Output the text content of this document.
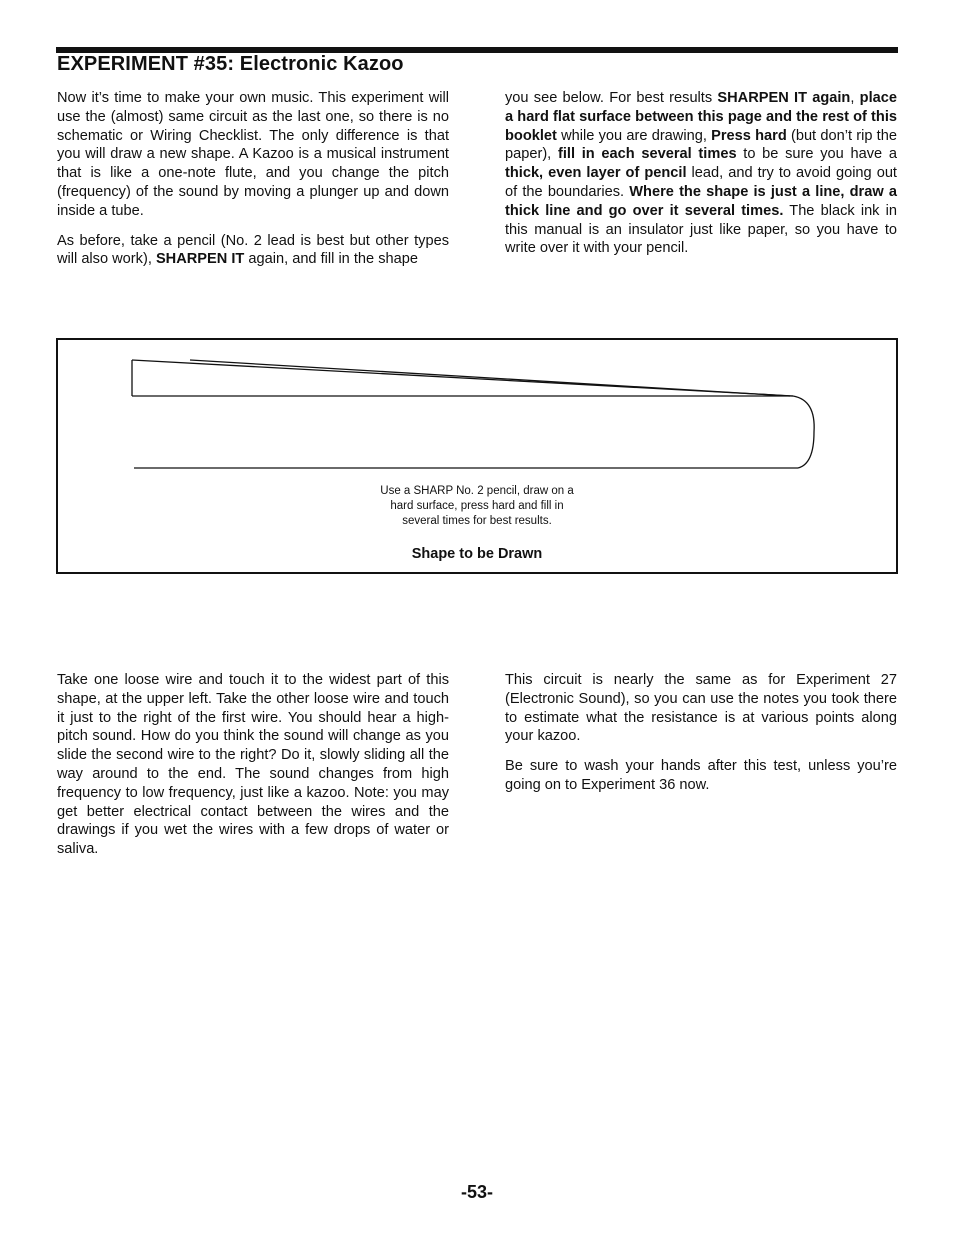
EXPERIMENT #35: Electronic Kazoo

Now it’s time to make your own music. This experiment will use the (almost) same circuit as the last one, so there is no schematic or Wiring Checklist. The only difference is that you will draw a new shape. A Kazoo is a musical instrument that is like a one-note flute, and you change the pitch (frequency) of the sound by moving a plunger up and down inside a tube.

As before, take a pencil (No. 2 lead is best but other types will also work), SHARPEN IT again, and fill in the shape

you see below. For best results SHARPEN IT again, place a hard flat surface between this page and the rest of this booklet while you are drawing, Press hard (but don’t rip the paper), fill in each several times to be sure you have a thick, even layer of pencil lead, and try to avoid going out of the boundaries. Where the shape is just a line, draw a thick line and go over it several times. The black ink in this manual is an insulator just like paper, so you have to write over it with your pencil.

Use a SHARP No. 2 pencil, draw on a
hard surface, press hard and fill in
several times for best results.
Shape to be Drawn

Take one loose wire and touch it to the widest part of this shape, at the upper left. Take the other loose wire and touch it just to the right of the first wire. You should hear a high-pitch sound. How do you think the sound will change as you slide the second wire to the right? Do it, slowly sliding all the way around to the end. The sound changes from high frequency to low frequency, just like a kazoo. Note: you may get better electrical contact between the wires and the drawings if you wet the wires with a few drops of water or saliva.

This circuit is nearly the same as for Experiment 27 (Electronic Sound), so you can use the notes you took there to estimate what the resistance is at various points along your kazoo.

Be sure to wash your hands after this test, unless you’re going on to Experiment 36 now.

-53-
